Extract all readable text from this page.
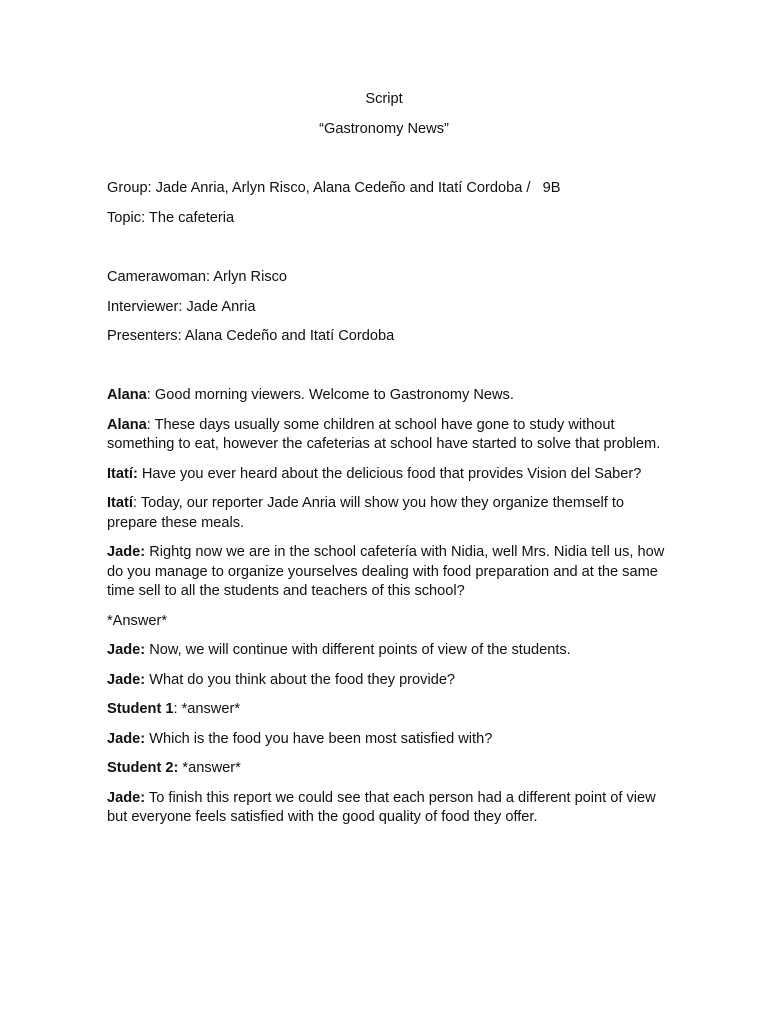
Script
“Gastronomy News”
Group: Jade Anria, Arlyn Risco, Alana Cedeño and Itatí Cordoba /   9B
Topic: The cafeteria
Camerawoman: Arlyn Risco
Interviewer: Jade Anria
Presenters: Alana Cedeño and Itatí Cordoba

Alana: Good morning viewers. Welcome to Gastronomy News.

Alana: These days usually some children at school have gone to study without something to eat, however the cafeterias at school have started to solve that problem.

Itatí: Have you ever heard about the delicious food that provides Vision del Saber?

Itatí: Today, our reporter Jade Anria will show you how they organize themself to prepare these meals.

Jade: Rightg now we are in the school cafetería with Nidia, well Mrs. Nidia tell us, how do you manage to organize yourselves dealing with food preparation and at the same time sell to all the students and teachers of this school?

*Answer*

Jade: Now, we will continue with different points of view of the students.

Jade: What do you think about the food they provide?

Student 1: *answer*

Jade: Which is the food you have been most satisfied with?

Student 2: *answer*

Jade: To finish this report we could see that each person had a different point of view but everyone feels satisfied with the good quality of food they offer.
